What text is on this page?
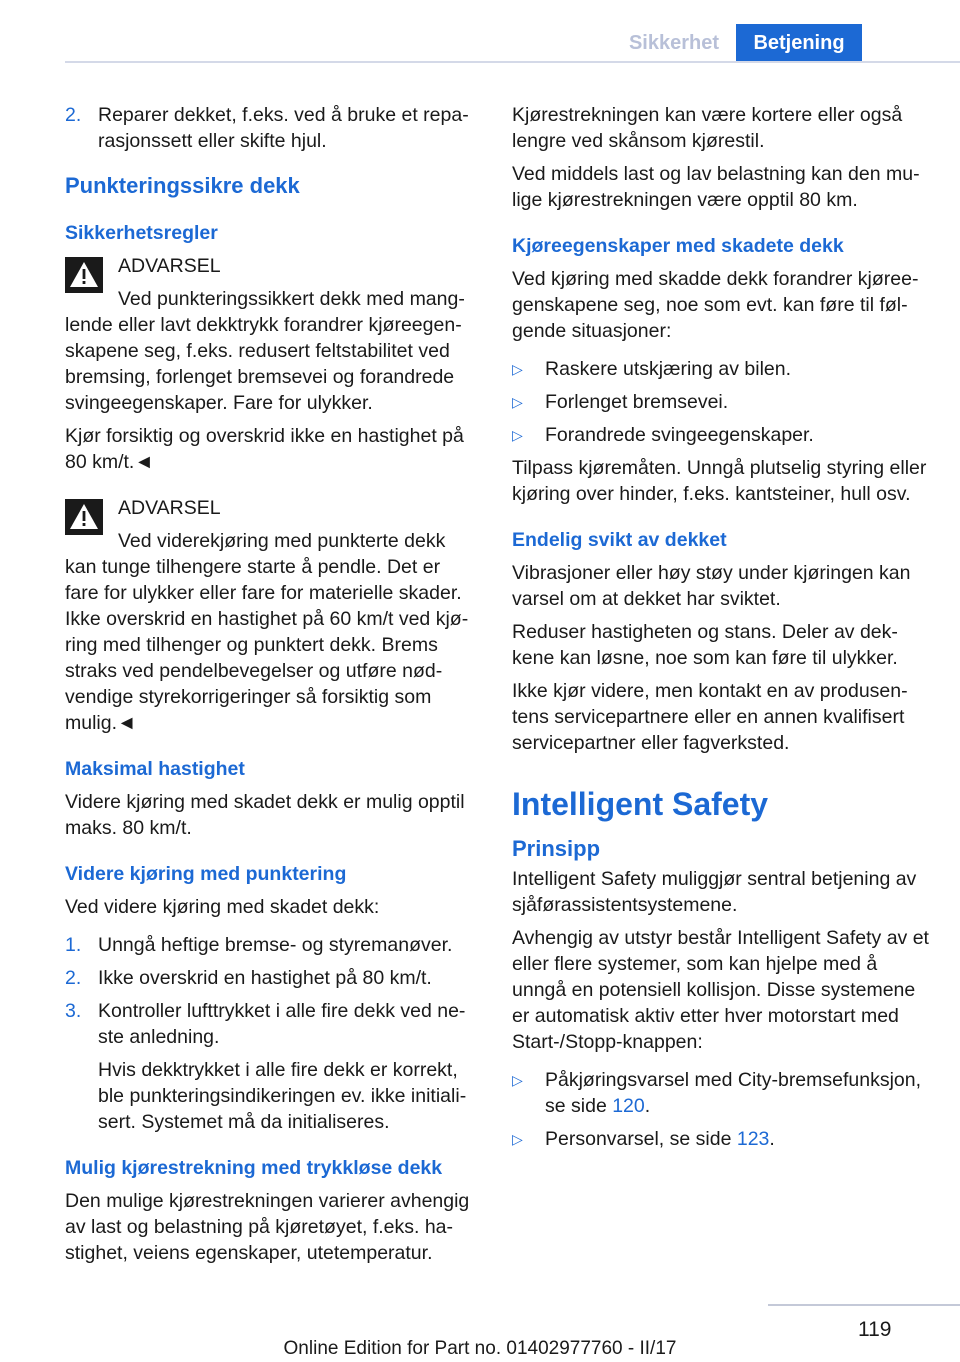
Sikkerhet	Betjening
2. Reparer dekket, f.eks. ved å bruke et reparasjonssett eller skifte hjul.
Punkteringssikre dekk
Sikkerhetsregler
ADVARSEL

Ved punkteringssikkert dekk med manglende eller lavt dekktrykk forandrer kjøreegenskapene seg, f.eks. redusert feltstabilitet ved bremsing, forlenget bremsevei og forandrede svingeegenskaper. Fare for ulykker.

Kjør forsiktig og overskrid ikke en hastighet på 80 km/t.◄

ADVARSEL

Ved viderekjøring med punkterte dekk kan tunge tilhengere starte å pendle. Det er fare for ulykker eller fare for materielle skader. Ikke overskrid en hastighet på 60 km/t ved kjøring med tilhenger og punktert dekk. Brems straks ved pendelbevegelser og utføre nødvendige styrekorrigeringer så forsiktig som mulig.◄

Maksimal hastighet

Videre kjøring med skadet dekk er mulig opptil maks. 80 km/t.

Videre kjøring med punktering

Ved videre kjøring med skadet dekk:

1. Unngå heftige bremse- og styremanøver.
2. Ikke overskrid en hastighet på 80 km/t.
3. Kontroller lufttrykket i alle fire dekk ved neste anledning.

Hvis dekktrykket i alle fire dekk er korrekt, ble punkteringsindikeringen ev. ikke initialisert. Systemet må da initialiseres.

Mulig kjørestrekning med trykkløse dekk

Den mulige kjørestrekningen varierer avhengig av last og belastning på kjøretøyet, f.eks. hastighet, veiens egenskaper, utetemperatur.

Kjørestrekningen kan være kortere eller også lengre ved skånsom kjørestil.

Ved middels last og lav belastning kan den mulige kjørestrekningen være opptil 80 km.

Kjøreegenskaper med skadete dekk

Ved kjøring med skadde dekk forandrer kjøreegenskapene seg, noe som evt. kan føre til følgende situasjoner:

▷	Raskere utskjæring av bilen.
▷	Forlenget bremsevei.
▷	Forandrede svingeegenskaper.

Tilpass kjøremåten. Unngå plutselig styring eller kjøring over hinder, f.eks. kantsteiner, hull osv.

Endelig svikt av dekket

Vibrasjoner eller høy støy under kjøringen kan varsel om at dekket har sviktet.

Reduser hastigheten og stans. Deler av dekkene kan løsne, noe som kan føre til ulykker.

Ikke kjør videre, men kontakt en av produsentens servicepartnere eller en annen kvalifisert servicepartner eller fagverksted.

Intelligent Safety
Prinsipp

Intelligent Safety muliggjør sentral betjening av sjåførassistentsystemene.

Avhengig av utstyr består Intelligent Safety av et eller flere systemer, som kan hjelpe med å unngå en potensiell kollisjon. Disse systemene er automatisk aktiv etter hver motorstart med Start-/Stopp-knappen:

▷	Påkjøringsvarsel med City-bremsefunksjon, se side 120.
▷	Personvarsel, se side 123.
119
Online Edition for Part no. 01402977760 - II/17
